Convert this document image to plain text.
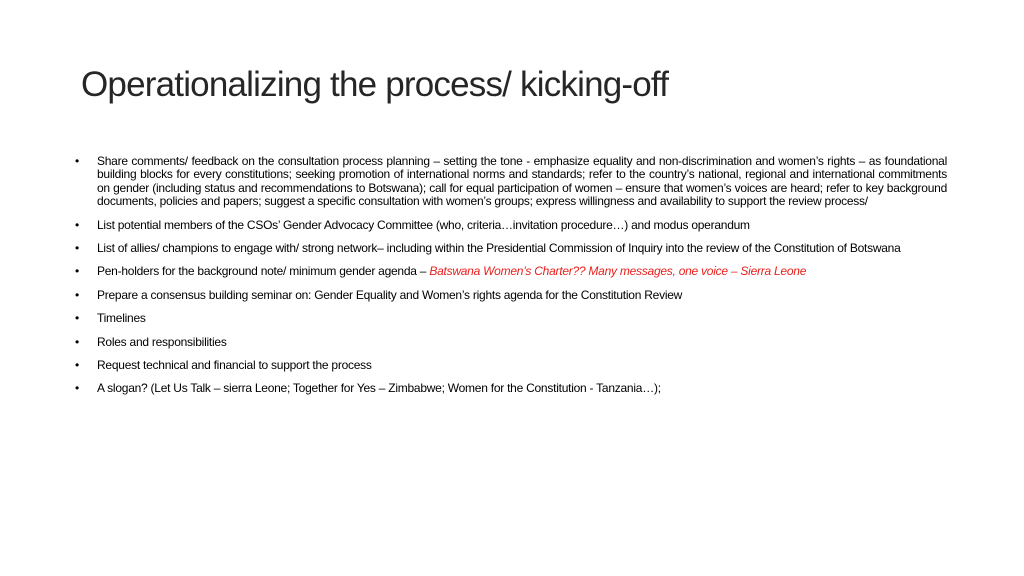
Operationalizing the process/ kicking-off
• Share comments/ feedback on the consultation process planning – setting the tone - emphasize equality and non-discrimination and women’s rights – as foundational building blocks for every constitutions; seeking promotion of international norms and standards; refer to the country’s national, regional and international commitments on gender (including status and recommendations to Botswana); call for equal participation of women – ensure that women’s voices are heard; refer to key background documents, policies and papers; suggest a specific consultation with women’s groups; express willingness and availability to support the review process/
• List potential members of the CSOs’ Gender Advocacy Committee (who, criteria…invitation procedure…) and modus operandum
• List of allies/ champions to engage with/ strong network– including within the Presidential Commission of Inquiry into the review of the Constitution of Botswana
• Pen-holders for the background note/ minimum gender agenda – Batswana Women’s Charter?? Many messages, one voice – Sierra Leone
• Prepare a consensus building seminar on: Gender Equality and Women’s rights agenda for the Constitution Review
• Timelines
• Roles and responsibilities
• Request technical and financial to support the process
• A slogan? (Let Us Talk – sierra Leone; Together for Yes – Zimbabwe; Women for the Constitution - Tanzania…);
